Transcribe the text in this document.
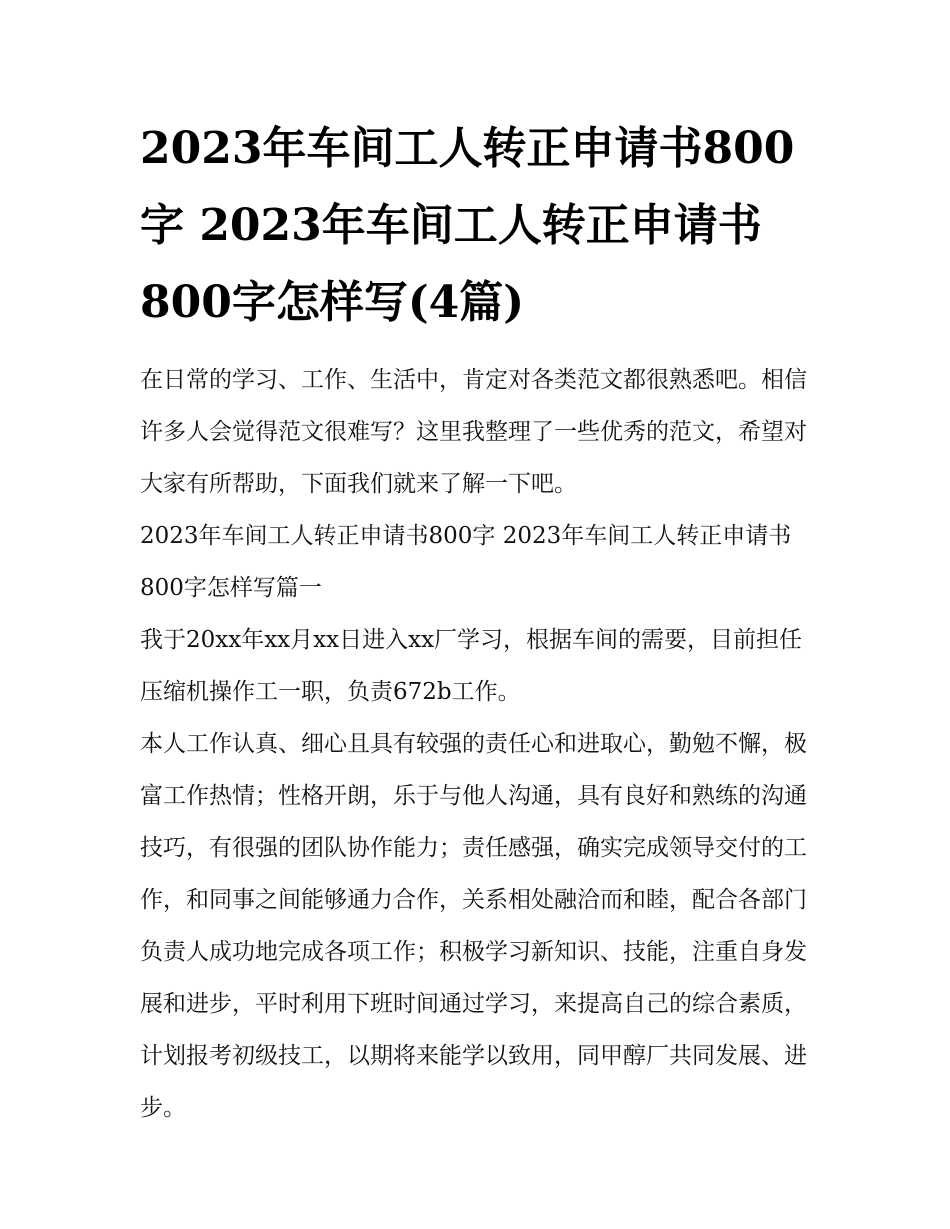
2023年车间工人转正申请书800字 2023年车间工人转正申请书800字怎样写(4篇)

在日常的学习、工作、生活中，肯定对各类范文都很熟悉吧。相信许多人会觉得范文很难写？这里我整理了一些优秀的范文，希望对大家有所帮助，下面我们就来了解一下吧。

2023年车间工人转正申请书800字 2023年车间工人转正申请书800字怎样写篇一

我于20xx年xx月xx日进入xx厂学习，根据车间的需要，目前担任压缩机操作工一职，负责672b工作。

本人工作认真、细心且具有较强的责任心和进取心，勤勉不懈，极富工作热情；性格开朗，乐于与他人沟通，具有良好和熟练的沟通技巧，有很强的团队协作能力；责任感强，确实完成领导交付的工作，和同事之间能够通力合作，关系相处融洽而和睦，配合各部门负责人成功地完成各项工作；积极学习新知识、技能，注重自身发展和进步，平时利用下班时间通过学习，来提高自己的综合素质，计划报考初级技工，以期将来能学以致用，同甲醇厂共同发展、进步。
